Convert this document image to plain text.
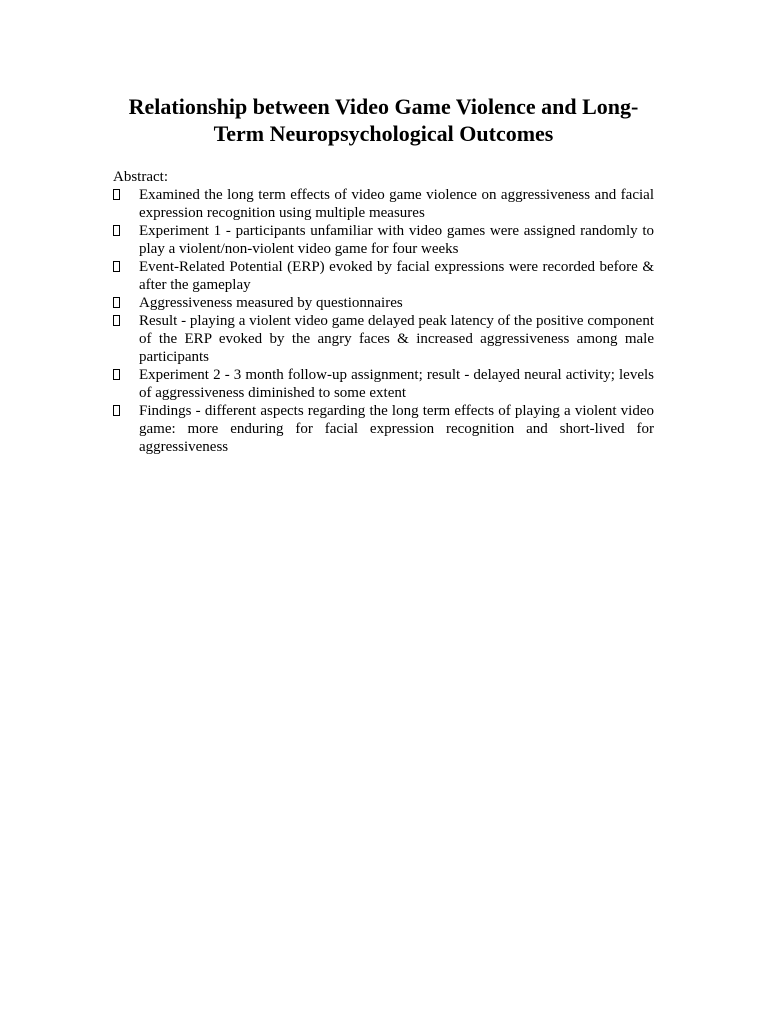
Relationship between Video Game Violence and Long-Term Neuropsychological Outcomes

Abstract:

Examined the long term effects of video game violence on aggressiveness and facial expression recognition using multiple measures
Experiment 1 - participants unfamiliar with video games were assigned randomly to play a violent/non-violent video game for four weeks
Event-Related Potential (ERP) evoked by facial expressions were recorded before & after the gameplay
Aggressiveness measured by questionnaires
Result - playing a violent video game delayed peak latency of the positive component of the ERP evoked by the angry faces & increased aggressiveness among male participants
Experiment 2 - 3 month follow-up assignment; result - delayed neural activity; levels of aggressiveness diminished to some extent
Findings - different aspects regarding the long term effects of playing a violent video game: more enduring for facial expression recognition and short-lived for aggressiveness
